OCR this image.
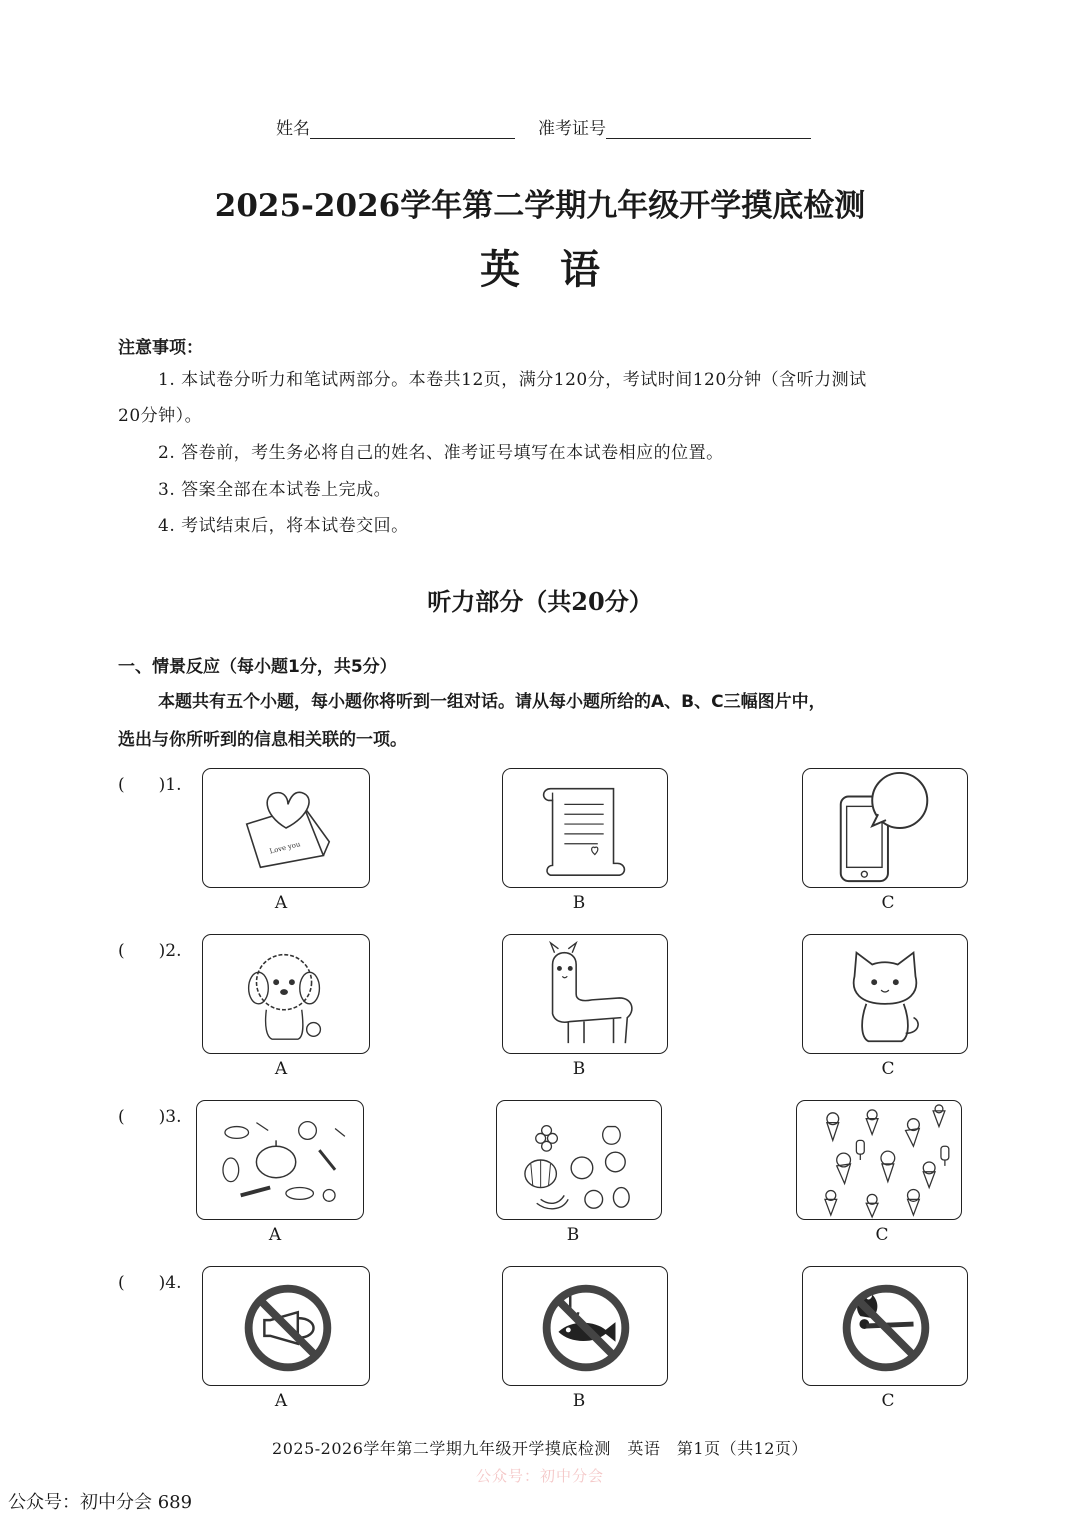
姓名	准考证号
2025-2026学年第二学期九年级开学摸底检测
英　语
注意事项：
1. 本试卷分听力和笔试两部分。本卷共12页，满分120分，考试时间120分钟（含听力测试
20分钟）。
2. 答卷前，考生务必将自己的姓名、准考证号填写在本试卷相应的位置。
3. 答案全部在本试卷上完成。
4. 考试结束后，将本试卷交回。
听力部分（共20分）
一、情景反应（每小题1分，共5分）
本题共有五个小题，每小题你将听到一组对话。请从每小题所给的A、B、C三幅图片中，
选出与你所听到的信息相关联的一项。
(　　)1.
Love you
A	B	C
(　　)2.
A	B	C
(　　)3.
A	B	C
(　　)4.
A	B	C
2025-2026学年第二学期九年级开学摸底检测　英语　第1页（共12页）
公众号：初中分会
公众号：初中分会 689
